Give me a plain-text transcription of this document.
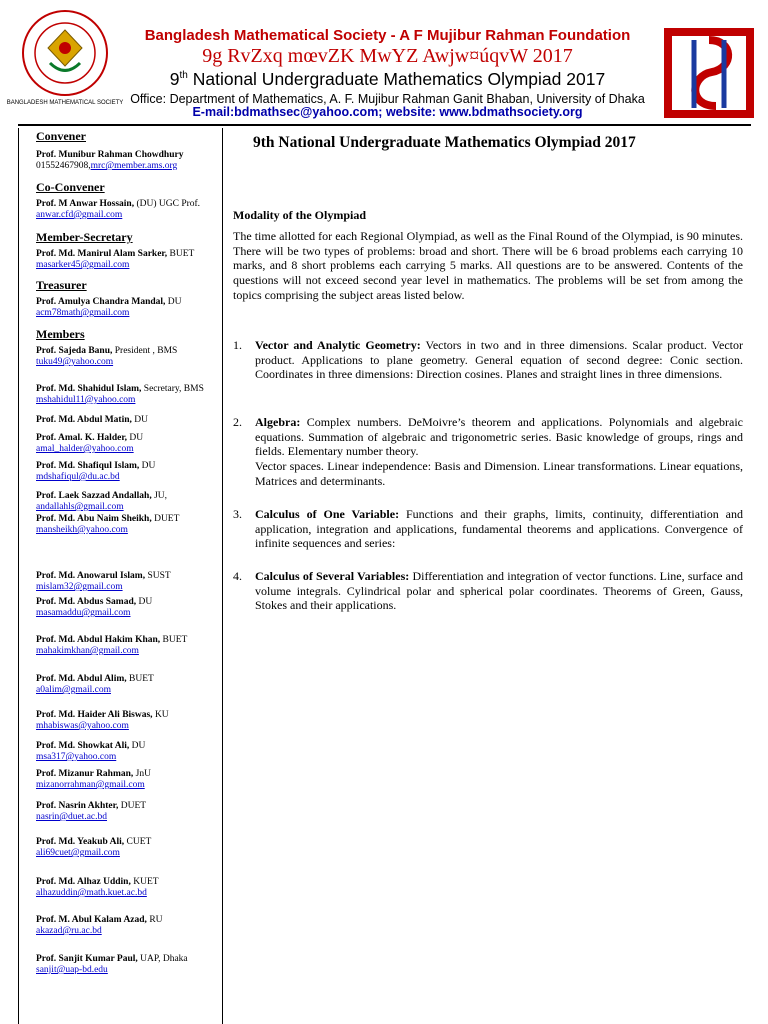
BANGLADESH MATHEMATICAL SOCIETY
Bangladesh Mathematical Society - A F Mujibur Rahman Foundation
9g RvZxq mœvZK MwYZ Awjw¤úqvW 2017
9th National Undergraduate Mathematics Olympiad 2017
Office: Department of Mathematics, A. F. Mujibur Rahman Ganit Bhaban, University of Dhaka
E-mail:bdmathsec@yahoo.com; website: www.bdmathsociety.org
Convener
Prof. Munibur Rahman Chowdhury
01552467908,mrc@member.ams.org
Co-Convener
Prof. M Anwar Hossain, (DU) UGC Prof.
anwar.cfd@gmail.com
Member-Secretary
Prof. Md. Manirul Alam Sarker, BUET
masarker45@gmail.com
Treasurer
Prof. Amulya Chandra Mandal, DU
acm78math@gmail.com
Members
Prof. Sajeda Banu, President , BMS
tuku49@yahoo.com
Prof. Md. Shahidul Islam, Secretary, BMS
mshahidul11@yahoo.com
Prof. Md. Abdul Matin, DU
Prof. Amal. K. Halder, DU
amal_halder@yahoo.com
Prof. Md. Shafiqul Islam, DU
mdshafiqul@du.ac.bd
Prof. Laek Sazzad Andallah, JU,
andallahls@gmail.com
Prof. Md. Abu Naim Sheikh, DUET
mansheikh@yahoo.com
Prof. Md. Anowarul Islam, SUST
mislam32@gmail.com
Prof. Md. Abdus Samad, DU
masamaddu@gmail.com
Prof. Md. Abdul Hakim Khan, BUET
mahakimkhan@gmail.com
Prof. Md. Abdul Alim, BUET
a0alim@gmail.com
Prof. Md. Haider Ali Biswas, KU
mhabiswas@yahoo.com
Prof. Md. Showkat Ali, DU
msa317@yahoo.com
Prof. Mizanur Rahman, JnU
mizanorrahman@gmail.com
Prof. Nasrin Akhter, DUET
nasrin@duet.ac.bd
Prof. Md. Yeakub Ali, CUET
ali69cuet@gmail.com
Prof. Md. Alhaz Uddin, KUET
alhazuddin@math.kuet.ac.bd
Prof. M. Abul Kalam Azad, RU
akazad@ru.ac.bd
Prof. Sanjit Kumar Paul, UAP, Dhaka
sanjit@uap-bd.edu
9th National Undergraduate Mathematics Olympiad 2017
Modality of the Olympiad
The time allotted for each Regional Olympiad, as well as the Final Round of the Olympiad, is 90 minutes. There will be two types of problems: broad and short. There will be 6 broad problems each carrying 10 marks, and 8 short problems each carrying 5 marks. All questions are to be answered. Contents of the questions will not exceed second year level in mathematics. The problems will be set from among the topics comprising the subject areas listed below.
1.	Vector and Analytic Geometry: Vectors in two and in three dimensions. Scalar product. Vector product. Applications to plane geometry. General equation of second degree: Conic section. Coordinates in three dimensions: Direction cosines. Planes and straight lines in three dimensions.
2.	Algebra: Complex numbers. DeMoivre’s theorem and applications. Polynomials and algebraic equations. Summation of algebraic and trigonometric series. Basic knowledge of groups, rings and fields. Elementary number theory.
Vector spaces. Linear independence: Basis and Dimension. Linear transformations. Linear equations, Matrices and determinants.
3.	Calculus of One Variable: Functions and their graphs, limits, continuity, differentiation and application, integration and applications, fundamental theorems and applications. Convergence of infinite sequences and series:
4.	Calculus of Several Variables: Differentiation and integration of vector functions. Line, surface and volume integrals. Cylindrical polar and spherical polar coordinates. Theorems of Green, Gauss, Stokes and their applications.
